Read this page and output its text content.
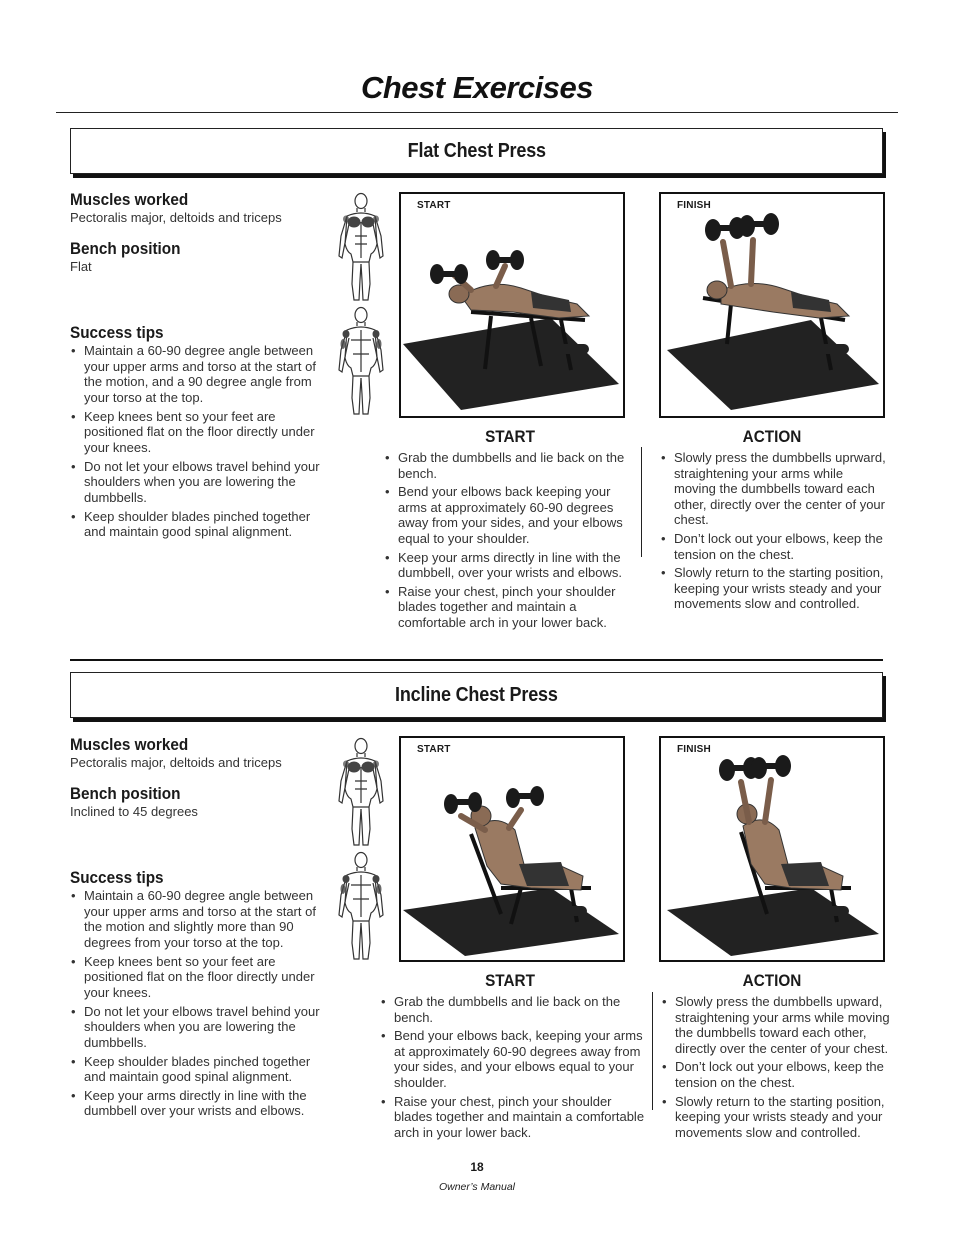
Chest Exercises
Flat Chest Press
Muscles worked
Pectoralis major, deltoids and triceps
Bench position
Flat
Success tips
• Maintain a 60-90 degree angle between your upper arms and torso at the start of the motion, and a 90 degree angle from your torso at the top.
• Keep knees bent so your feet are positioned flat on the floor directly under your knees.
• Do not let your elbows travel behind your shoulders when you are lowering the dumbbells.
• Keep shoulder blades pinched together and maintain good spinal alignment.
START	FINISH
START
• Grab the dumbbells and lie back on the bench.
• Bend your elbows back keeping your arms at approximately 60-90 degrees away from your sides, and your elbows equal to your shoulder.
• Keep your arms directly in line with the dumbbell, over your wrists and elbows.
• Raise your chest, pinch your shoulder blades together and maintain a comfortable arch in your lower back.
ACTION
• Slowly press the dumbbells uprward, straightening your arms while moving the dumbbells toward each other, directly over the center of your chest.
• Don’t lock out your elbows, keep the tension on the chest.
• Slowly return to the starting position, keeping your wrists steady and your movements slow and controlled.
Incline Chest Press
Muscles worked
Pectoralis major, deltoids and triceps
Bench position
Inclined to 45 degrees
Success tips
• Maintain a 60-90 degree angle between your upper arms and torso at the start of the motion and slightly more than 90 degrees from your torso at the top.
• Keep knees bent so your feet are positioned flat on the floor directly under your knees.
• Do not let your elbows travel behind your shoulders when you are lowering the dumbbells.
• Keep shoulder blades pinched together and maintain good spinal alignment.
• Keep your arms directly in line with the dumbbell over your wrists and elbows.
START	FINISH
START
• Grab the dumbbells and lie back on the bench.
• Bend your elbows back, keeping your arms at approximately 60-90 degrees away from your sides, and your elbows equal to your shoulder.
• Raise your chest, pinch your shoulder blades together and maintain a comfortable arch in your lower back.
ACTION
• Slowly press the dumbbells upward, straightening your arms while moving the dumbbells toward each other, directly over the center of your chest.
• Don’t lock out your elbows, keep the tension on the chest.
• Slowly return to the starting position, keeping your wrists steady and your movements slow and controlled.
18
Owner’s Manual
